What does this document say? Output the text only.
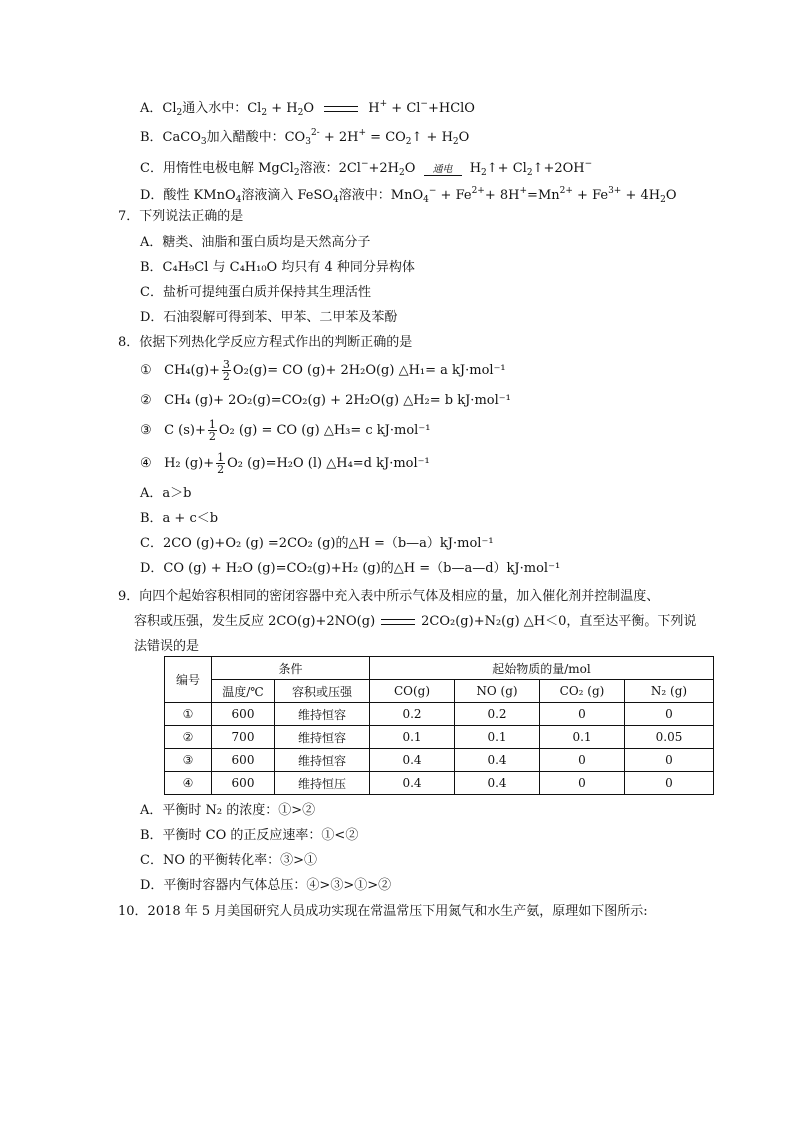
A．$Cl_2$通入水中：$Cl_2 + H_2O$	H+ + Cl−+HClO
B．CaCO$_3$加入醋酸中：$CO_3^{2-} + 2H^+$ = $CO_2↑ + H_2O$
C．用惰性电极电解 MgCl$_2$溶液：$2Cl^-+2H_2O$	通电	$H_2↑+$ $Cl_2↑+2OH^-$
D．酸性 KMnO$_4$溶液滴入 FeSO$_4$溶液中：$MnO_4^- + Fe^{2+}+ 8H^+=Mn^{2+} + Fe^{3+} + 4H_2O$
7．下列说法正确的是
A．糖类、油脂和蛋白质均是天然高分子
B．C₄H₉Cl 与 C₄H₁₀O 均只有 4 种同分异构体
C．盐析可提纯蛋白质并保持其生理活性
D．石油裂解可得到苯、甲苯、二甲苯及苯酚
8．依据下列热化学反应方程式作出的判断正确的是
① $CH_4(g)+ \frac{3}{2} O_2(g)=$ CO (g)+ 2H₂O(g) △H₁= a kJ·mol⁻¹
② CH₄ (g)+ 2O₂(g)=CO₂(g) + 2H₂O(g) △H₂= b kJ·mol⁻¹
③ C $(s)+ \frac{1}{2} O_2$ (g) = CO (g) △H₃= c kJ·mol⁻¹
④ H₂ $(g)+ \frac{1}{2} O_2$ (g)=H₂O (l) △H₄=d kJ·mol⁻¹
A．a＞b
B．a + c＜b
C．2CO (g)+O₂ (g) =2CO₂ (g)的△H =（b—a）kJ·mol⁻¹
D．CO (g) + H₂O (g)=CO₂(g)+H₂ (g)的△H =（b—a—d）kJ·mol⁻¹
9．向四个起始容积相同的密闭容器中充入表中所示气体及相应的量，加入催化剂并控制温度、
容积或压强，发生反应 2CO(g)+2NO(g)	2CO₂(g)+N₂(g) △H＜0，直至达平衡。下列说
法错误的是
编号	条件		起始物质的量/mol			
	温度/℃	容积或压强	CO(g)	NO (g)	CO₂ (g)	N₂ (g)
①	600	维持恒容	0.2	0.2	0	0
②	700	维持恒容	0.1	0.1	0.1	0.05
③	600	维持恒容	0.4	0.4	0	0
④	600	维持恒压	0.4	0.4	0	0
A．平衡时 N₂ 的浓度：①>②
B．平衡时 CO 的正反应速率：①<②
C．NO 的平衡转化率：③>①
D．平衡时容器内气体总压：④>③>①>②
10．2018 年 5 月美国研究人员成功实现在常温常压下用氮气和水生产氨，原理如下图所示:
